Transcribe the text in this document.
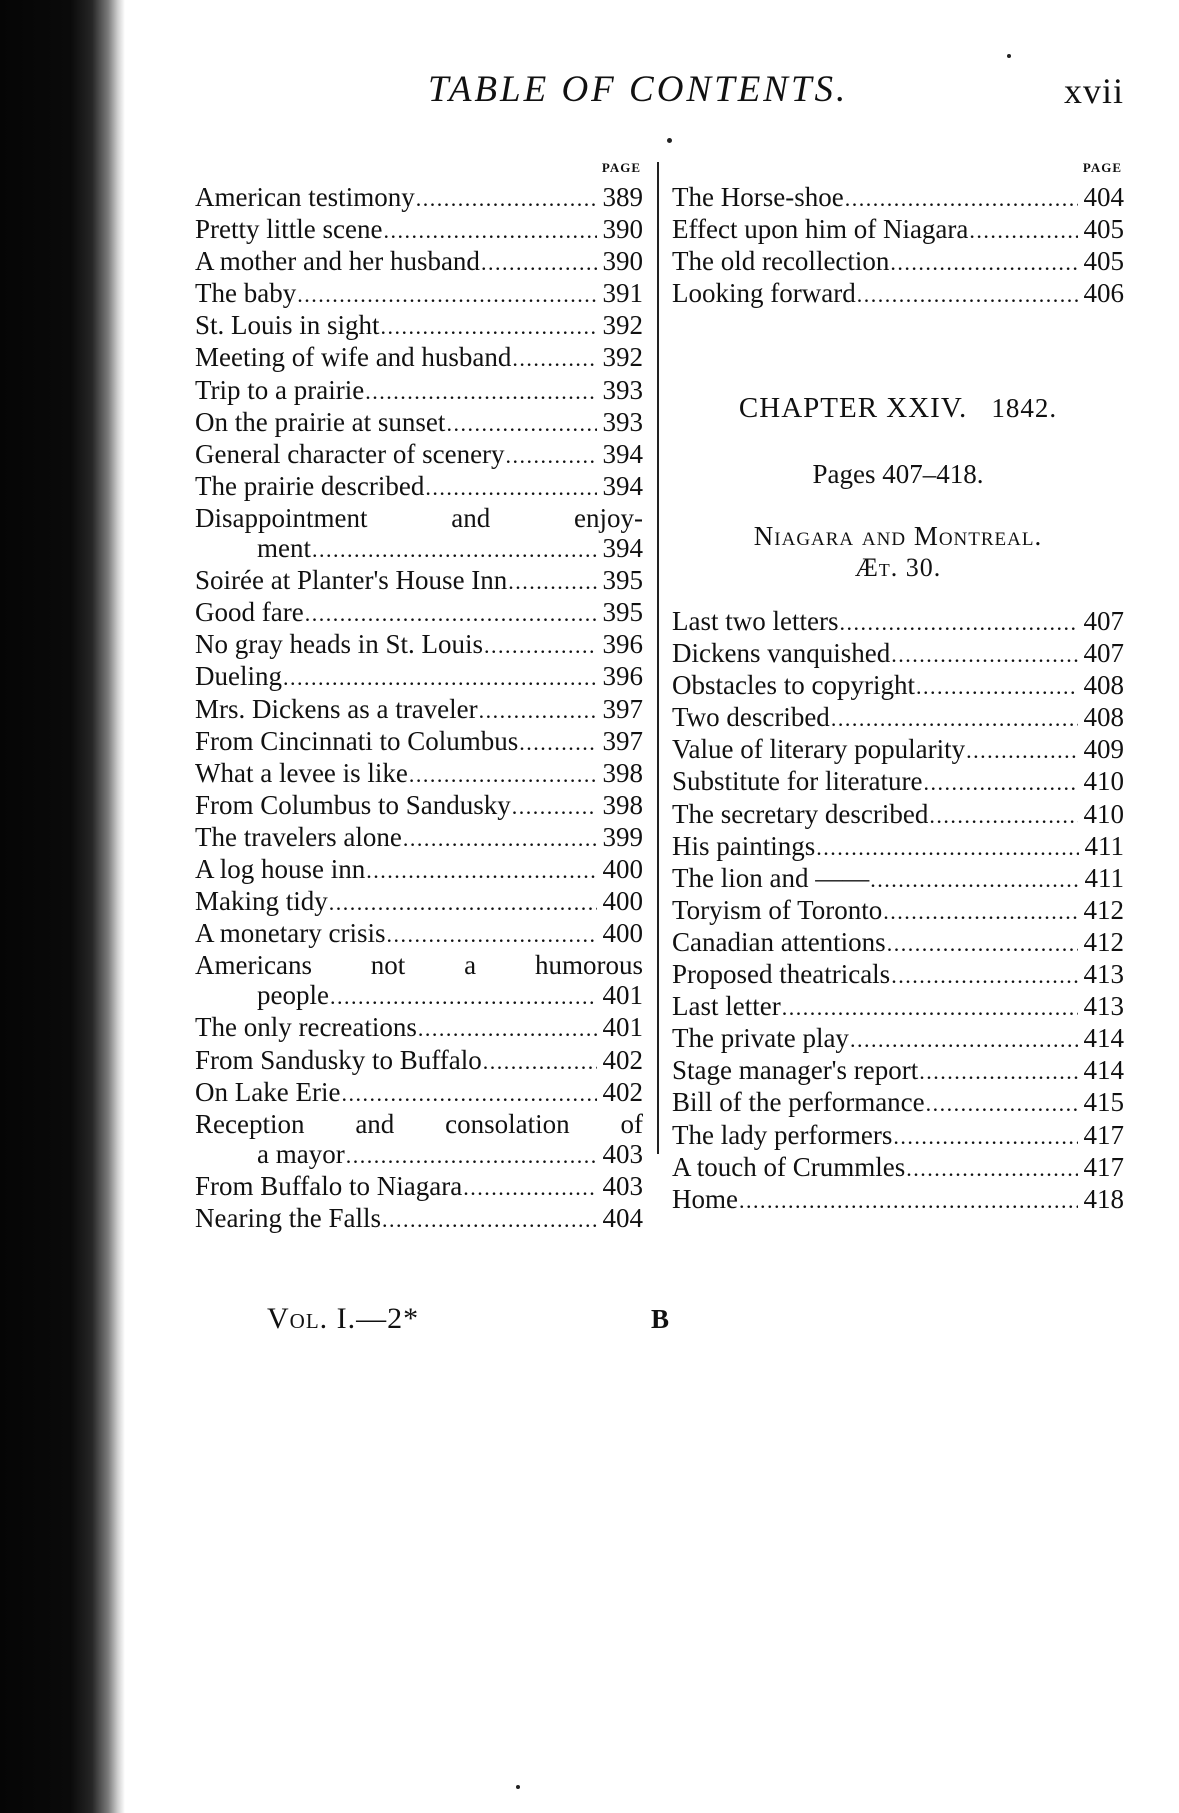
TABLE OF CONTENTS.	xvii
PAGE
American testimony . . .	389
Pretty little scene . . .	390
A mother and her husband . . .	390
The baby . . .	391
St. Louis in sight . . .	392
Meeting of wife and husband . . .	392
Trip to a prairie . . .	393
On the prairie at sunset . . .	393
General character of scenery . . .	394
The prairie described . . .	394
Disappointment and enjoy-
ment . . .	394
Soirée at Planter's House Inn . . .	395
Good fare . . .	395
No gray heads in St. Louis . . .	396
Dueling . . .	396
Mrs. Dickens as a traveler . . .	397
From Cincinnati to Columbus . . .	397
What a levee is like . . .	398
From Columbus to Sandusky . . .	398
The travelers alone . . .	399
A log house inn . . .	400
Making tidy . . .	400
A monetary crisis . . .	400
Americans not a humorous
people . . .	401
The only recreations . . .	401
From Sandusky to Buffalo . . .	402
On Lake Erie . . .	402
Reception and consolation of
a mayor . . .	403
From Buffalo to Niagara . . .	403
Nearing the Falls . . .	404
PAGE
The Horse-shoe . . .	404
Effect upon him of Niagara . . .	405
The old recollection . . .	405
Looking forward . . .	406
CHAPTER XXIV. 1842.
Pages 407–418.
Niagara and Montreal.
Æt. 30.
Last two letters . . .	407
Dickens vanquished . . .	407
Obstacles to copyright . . .	408
Two described . . .	408
Value of literary popularity . . .	409
Substitute for literature . . .	410
The secretary described . . .	410
His paintings . . .	411
The lion and —— . . .	411
Toryism of Toronto . . .	412
Canadian attentions . . .	412
Proposed theatricals . . .	413
Last letter . . .	413
The private play . . .	414
Stage manager's report . . .	414
Bill of the performance . . .	415
The lady performers . . .	417
A touch of Crummles . . .	417
Home . . .	418
Vol. I.—2*	B
